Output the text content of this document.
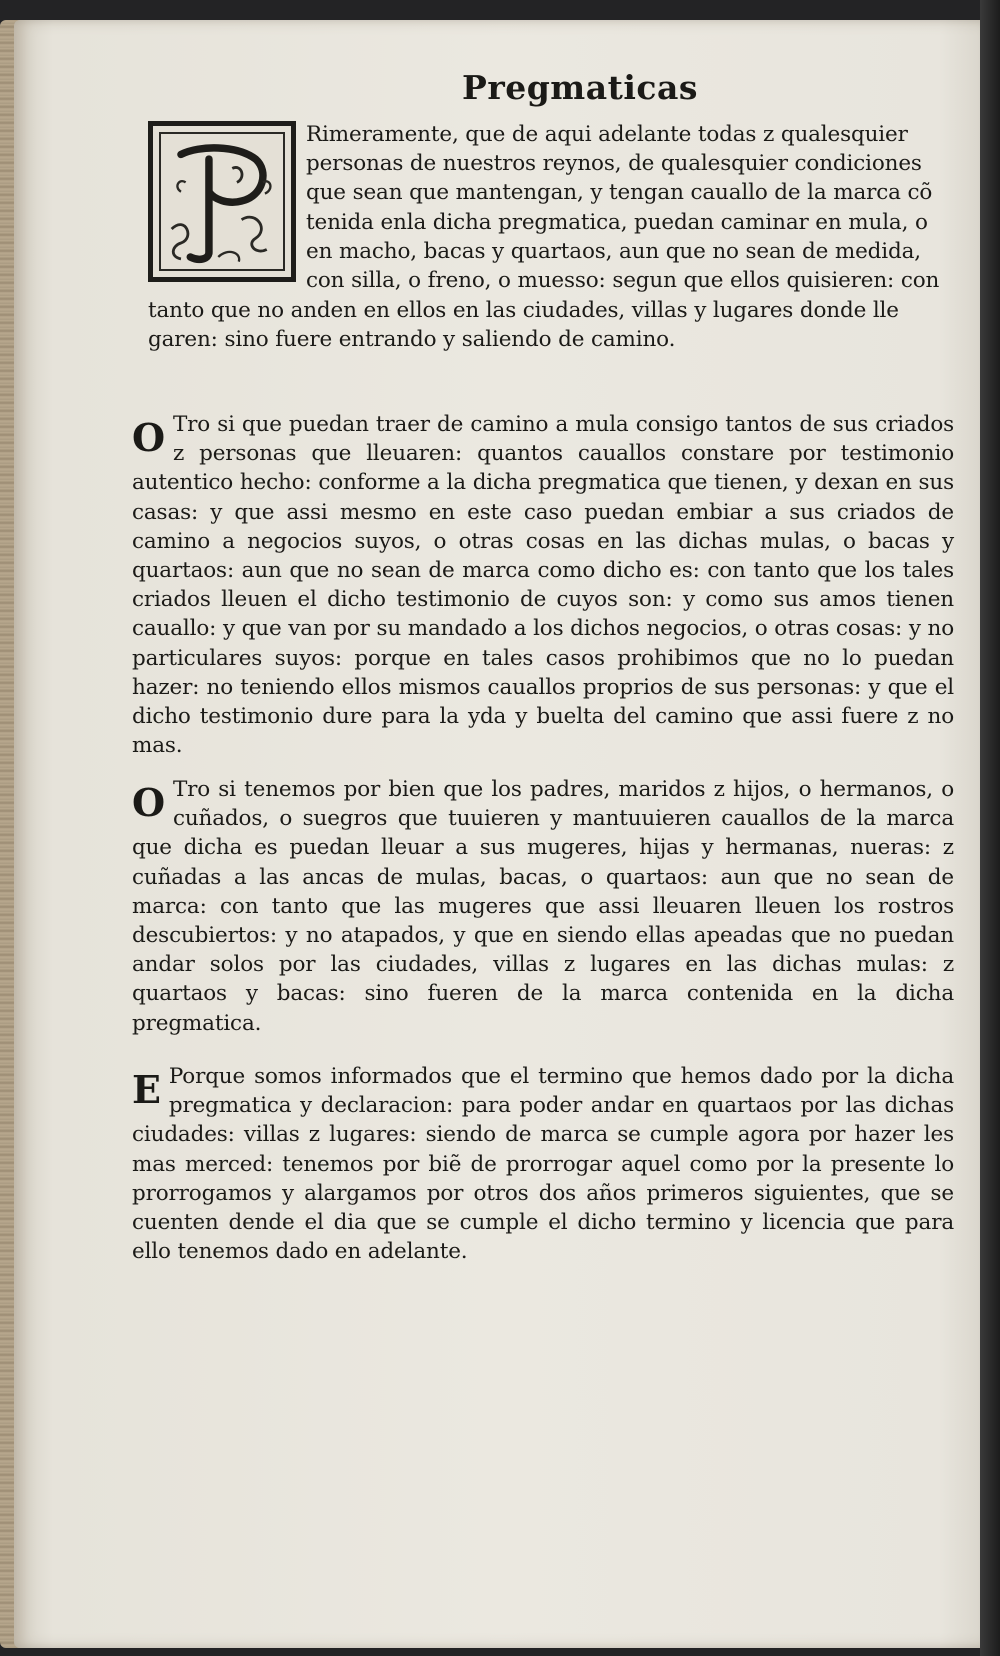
Pregmaticas
Rimeramente, que de aqui adelante todas z qualesquier
personas de nuestros reynos, de qualesquier condiciones
que sean que mantengan, y tengan cauallo de la marca cõ
tenida enla dicha pregmatica, puedan caminar en mula, o
en macho, bacas y quartaos, aun que no sean de medida,
con silla, o freno, o muesso: segun que ellos quisieren: con
tanto que no anden en ellos en las ciudades, villas y lugares donde lle
garen: sino fuere entrando y saliendo de camino.
O Tro si que puedan traer de camino a mula consigo tantos de sus criados z personas que lleuaren: quantos cauallos constare por testimonio autentico hecho: conforme a la dicha pregmatica que tienen, y dexan en sus casas: y que assi mesmo en este caso puedan embiar a sus criados de camino a negocios suyos, o otras cosas en las dichas mulas, o bacas y quartaos: aun que no sean de marca como dicho es: con tanto que los tales criados lleuen el dicho testimonio de cuyos son: y como sus amos tienen cauallo: y que van por su mandado a los dichos negocios, o otras cosas: y no particulares suyos: porque en tales casos prohibimos que no lo puedan hazer: no teniendo ellos mismos cauallos proprios de sus personas: y que el dicho testimonio dure para la yda y buelta del camino que assi fuere z no mas.
O Tro si tenemos por bien que los padres, maridos z hijos, o hermanos, o cuñados, o suegros que tuuieren y mantuuieren cauallos de la marca que dicha es puedan lleuar a sus mugeres, hijas y hermanas, nueras: z cuñadas a las ancas de mulas, bacas, o quartaos: aun que no sean de marca: con tanto que las mugeres que assi lleuaren lleuen los rostros descubiertos: y no atapados, y que en siendo ellas apeadas que no puedan andar solos por las ciudades, villas z lugares en las dichas mulas: z quartaos y bacas: sino fueren de la marca contenida en la dicha pregmatica.
E Porque somos informados que el termino que hemos dado por la dicha pregmatica y declaracion: para poder andar en quartaos por las dichas ciudades: villas z lugares: siendo de marca se cumple agora por hazer les mas merced: tenemos por biẽ de prorrogar aquel como por la presente lo prorrogamos y alargamos por otros dos años primeros siguientes, que se cuenten dende el dia que se cumple el dicho termino y licencia que para ello tenemos dado en adelante.
